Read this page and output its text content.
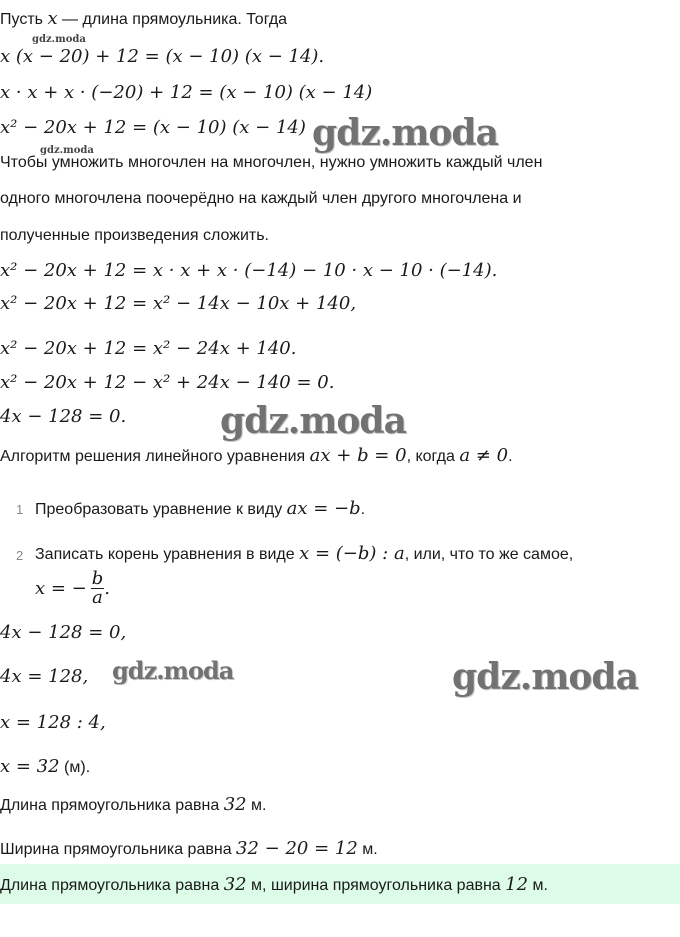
gdz.moda
gdz.moda	gdz.moda
gdz.moda
gdz.moda	gdz.moda
Пусть x — длина прямоульника. Тогда
x (x − 20) + 12 = (x − 10) (x − 14).
x · x + x · (−20) + 12 = (x − 10) (x − 14)
x² − 20x + 12 = (x − 10) (x − 14)
Чтобы умножить многочлен на многочлен, нужно умножить каждый член
одного многочлена поочерёдно на каждый член другого многочлена и
полученные произведения сложить.
x² − 20x + 12 = x · x + x · (−14) − 10 · x − 10 · (−14).
x² − 20x + 12 = x² − 14x − 10x + 140,
x² − 20x + 12 = x² − 24x + 140.
x² − 20x + 12 − x² + 24x − 140 = 0.
4x − 128 = 0.
Алгоритм решения линейного уравнения ax + b = 0, когда a ≠ 0.
1 Преобразовать уравнение к виду ax = −b.
2 Записать корень уравнения в виде x = (−b) : a, или, что то же самое,
x = − $\frac{b}{a}$ .
4x − 128 = 0,
4x = 128,
x = 128 : 4,
x = 32 (м).
Длина прямоугольника равна 32 м.
Ширина прямоугольника равна 32 − 20 = 12 м.
Длина прямоугольника равна 32 м, ширина прямоугольника равна 12 м.
